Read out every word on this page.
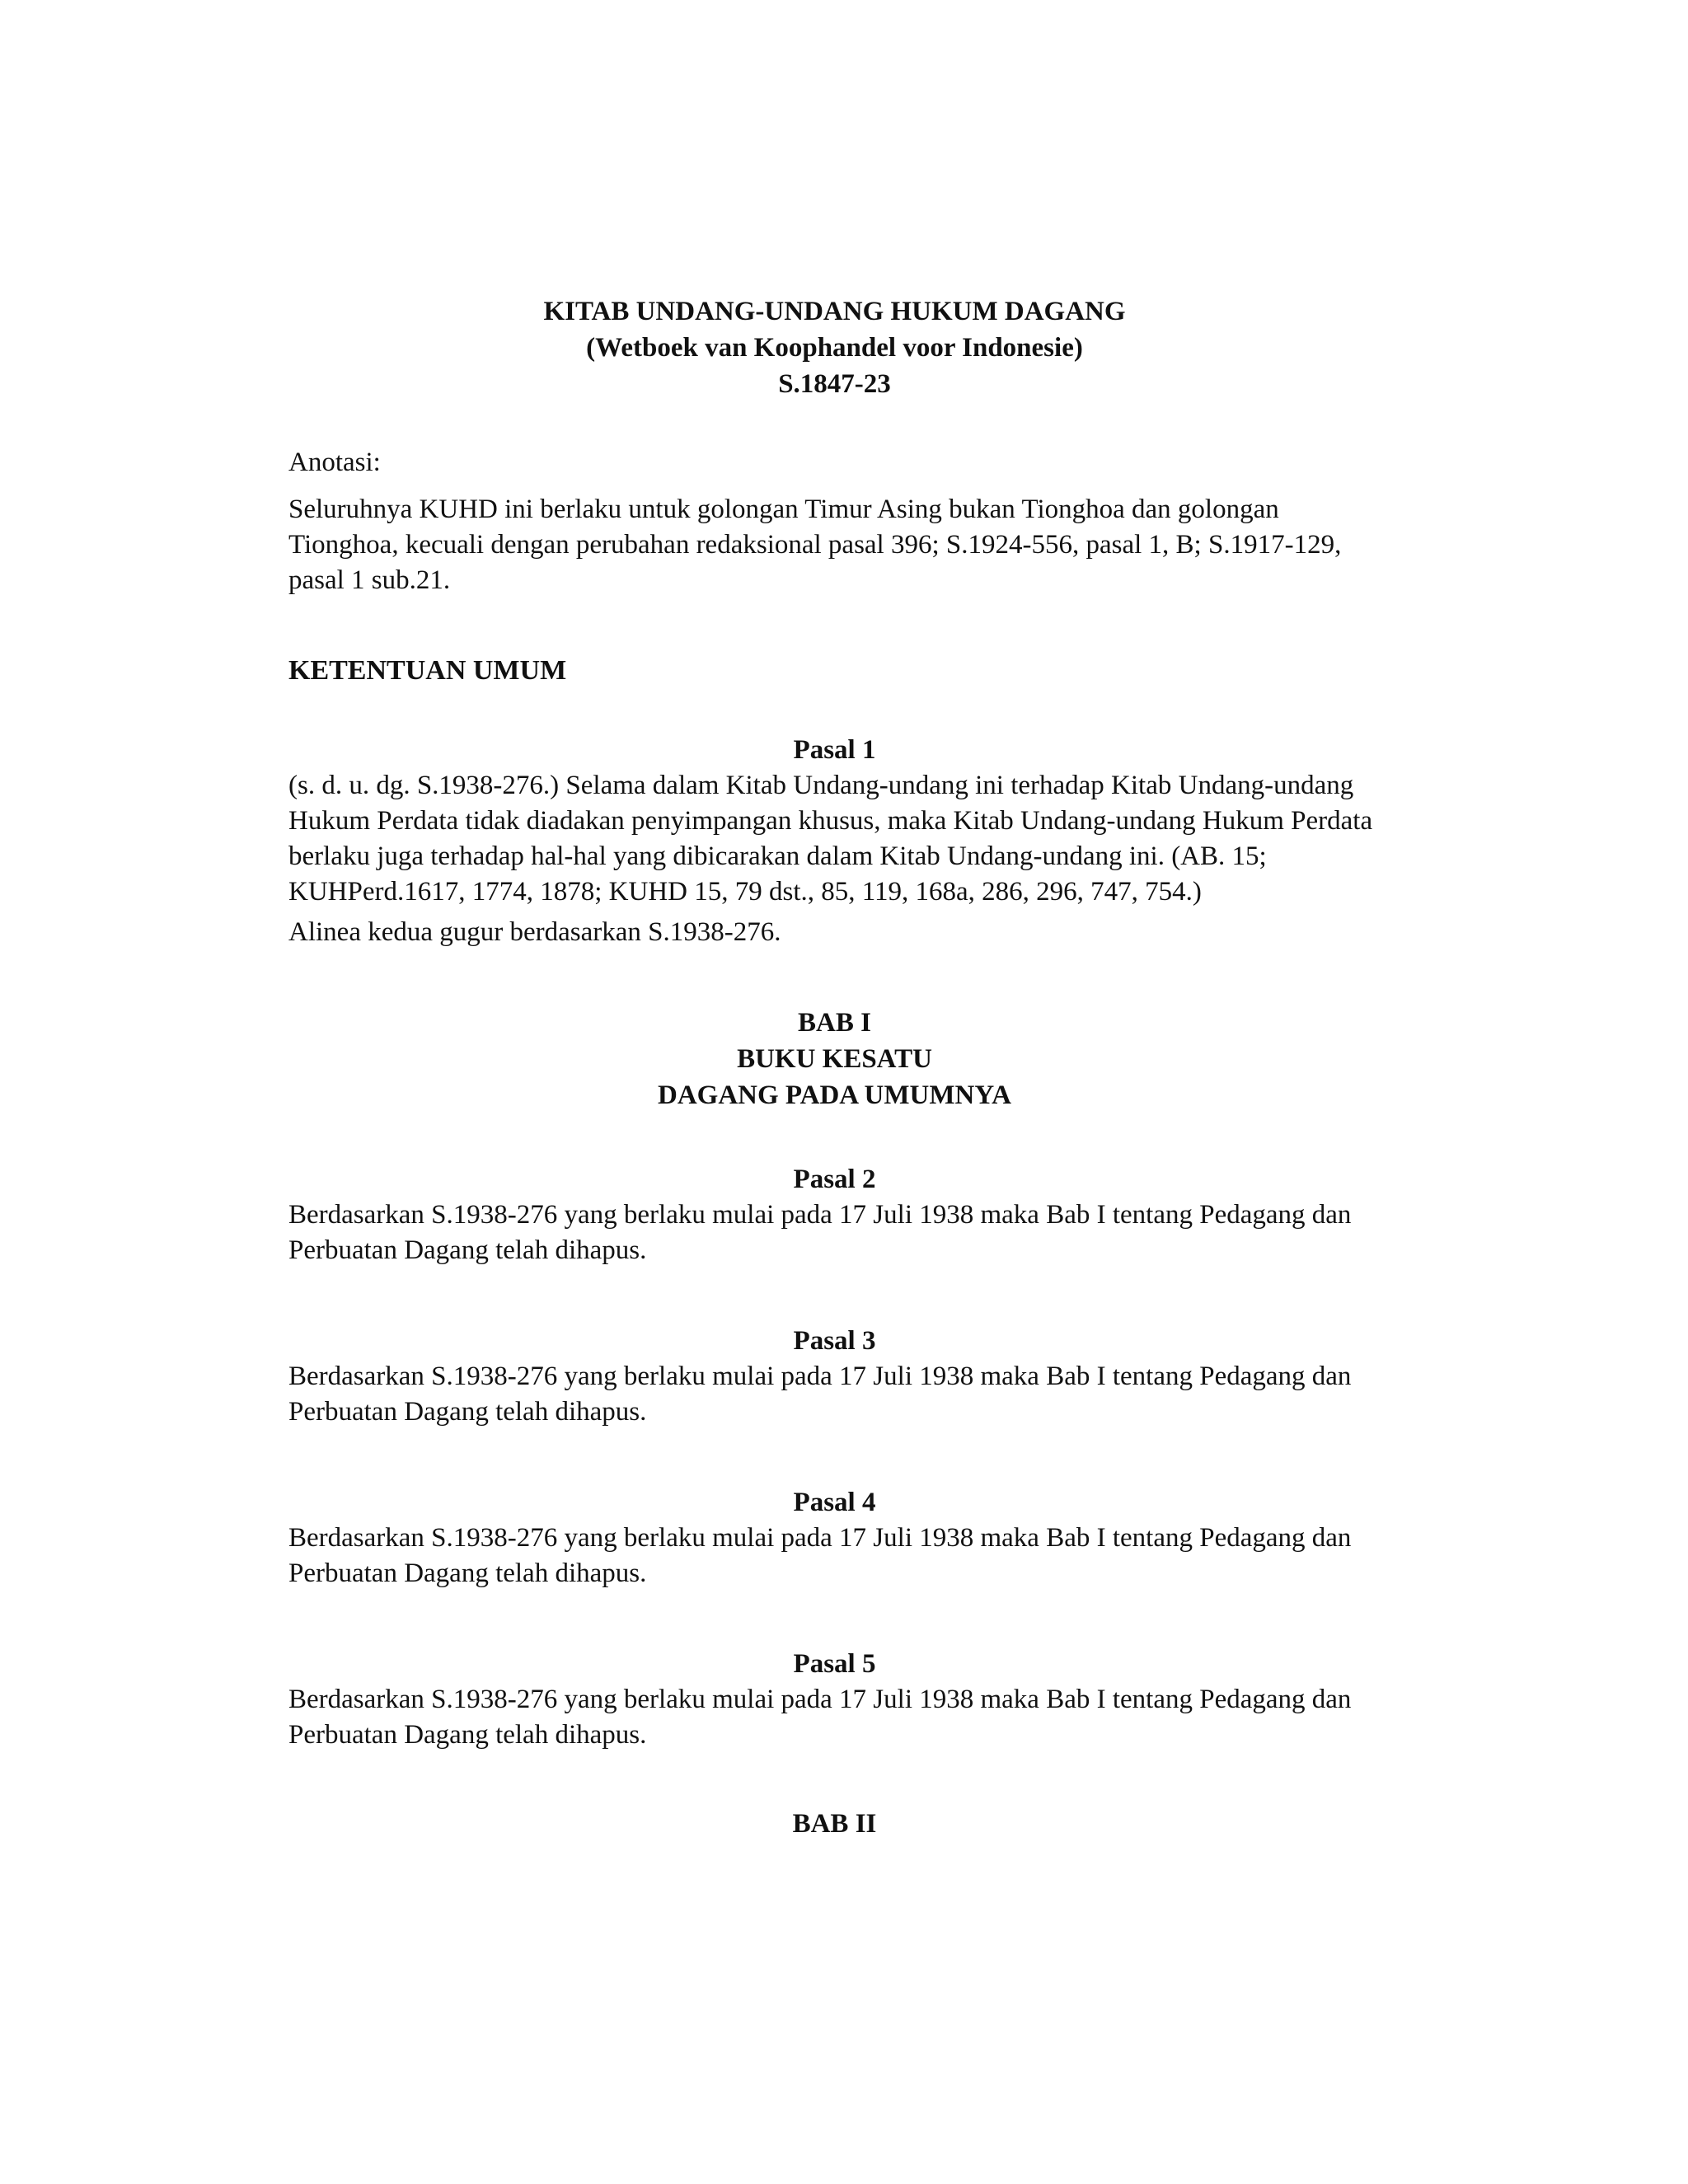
KITAB UNDANG-UNDANG HUKUM DAGANG
(Wetboek van Koophandel voor Indonesie)
S.1847-23

Anotasi:

Seluruhnya KUHD ini berlaku untuk golongan Timur Asing bukan Tionghoa dan golongan Tionghoa, kecuali dengan perubahan redaksional pasal 396; S.1924-556, pasal 1, B; S.1917-129, pasal 1 sub.21.

KETENTUAN UMUM
Pasal 1

(s. d. u. dg. S.1938-276.) Selama dalam Kitab Undang-undang ini terhadap Kitab Undang-undang Hukum Perdata tidak diadakan penyimpangan khusus, maka Kitab Undang-undang Hukum Perdata berlaku juga terhadap hal-hal yang dibicarakan dalam Kitab Undang-undang ini. (AB. 15; KUHPerd.1617, 1774, 1878; KUHD 15, 79 dst., 85, 119, 168a, 286, 296, 747, 754.)

Alinea kedua gugur berdasarkan S.1938-276.

BAB I
BUKU KESATU
DAGANG PADA UMUMNYA
Pasal 2

Berdasarkan S.1938-276 yang berlaku mulai pada 17 Juli 1938 maka Bab I tentang Pedagang dan Perbuatan Dagang telah dihapus.

Pasal 3

Berdasarkan S.1938-276 yang berlaku mulai pada 17 Juli 1938 maka Bab I tentang Pedagang dan Perbuatan Dagang telah dihapus.

Pasal 4

Berdasarkan S.1938-276 yang berlaku mulai pada 17 Juli 1938 maka Bab I tentang Pedagang dan Perbuatan Dagang telah dihapus.

Pasal 5

Berdasarkan S.1938-276 yang berlaku mulai pada 17 Juli 1938 maka Bab I tentang Pedagang dan Perbuatan Dagang telah dihapus.

BAB II
